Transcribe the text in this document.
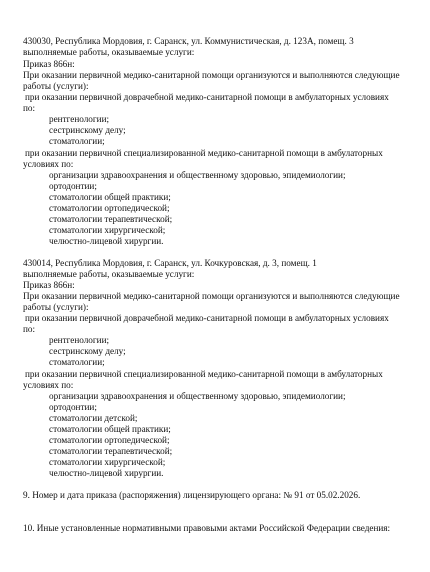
430030, Республика Мордовия, г. Саранск, ул. Коммунистическая, д. 123А, помещ. 3
выполняемые работы, оказываемые услуги:
Приказ 866н:
При оказании первичной медико-санитарной помощи организуются и выполняются следующие
работы (услуги):
при оказании первичной доврачебной медико-санитарной помощи в амбулаторных условиях
по:
рентгенологии;
сестринскому делу;
стоматологии;
при оказании первичной специализированной медико-санитарной помощи в амбулаторных
условиях по:
организации здравоохранения и общественному здоровью, эпидемиологии;
ортодонтии;
стоматологии общей практики;
стоматологии ортопедической;
стоматологии терапевтической;
стоматологии хирургической;
челюстно-лицевой хирургии.
430014, Республика Мордовия, г. Саранск, ул. Кочкуровская, д. 3, помещ. 1
выполняемые работы, оказываемые услуги:
Приказ 866н:
При оказании первичной медико-санитарной помощи организуются и выполняются следующие
работы (услуги):
при оказании первичной доврачебной медико-санитарной помощи в амбулаторных условиях
по:
рентгенологии;
сестринскому делу;
стоматологии;
при оказании первичной специализированной медико-санитарной помощи в амбулаторных
условиях по:
организации здравоохранения и общественному здоровью, эпидемиологии;
ортодонтии;
стоматологии детской;
стоматологии общей практики;
стоматологии ортопедической;
стоматологии терапевтической;
стоматологии хирургической;
челюстно-лицевой хирургии.
9. Номер и дата приказа (распоряжения) лицензирующего органа: № 91 от 05.02.2026.
10. Иные установленные нормативными правовыми актами Российской Федерации сведения:
